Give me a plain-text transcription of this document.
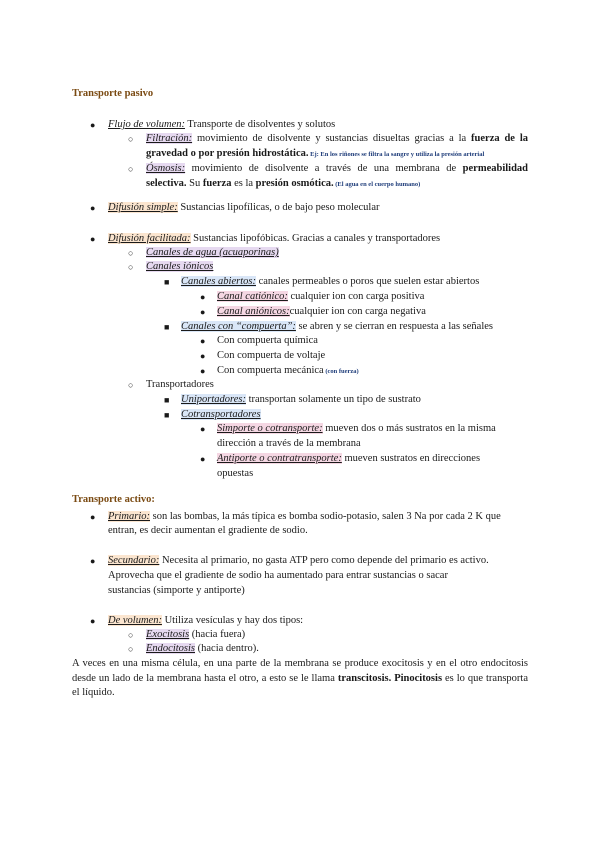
Transporte pasivo
● Flujo de volumen: Transporte de disolventes y solutos
○ Filtración: movimiento de disolvente y sustancias disueltas gracias a la fuerza de la gravedad o por presión hidrostática. Ej: En los riñones se filtra la sangre y utiliza la presión arterial
○ Ósmosis: movimiento de disolvente a través de una membrana de permeabilidad selectiva. Su fuerza es la presión osmótica. (El agua en el cuerpo humano)
● Difusión simple: Sustancias lipofílicas, o de bajo peso molecular
● Difusión facilitada: Sustancias lipofóbicas. Gracias a canales y transportadores
○ Canales de agua (acuaporinas)
○ Canales iónicos
■ Canales abiertos: canales permeables o poros que suelen estar abiertos
● Canal catiónico: cualquier ion con carga positiva
● Canal aniónicos:cualquier ion con carga negativa
■ Canales con “compuerta”: se abren y se cierran en respuesta a las señales
● Con compuerta química
● Con compuerta de voltaje
● Con compuerta mecánica (con fuerza)
○ Transportadores
■ Uniportadores: transportan solamente un tipo de sustrato
■ Cotransportadores
● Simporte o cotransporte: mueven dos o más sustratos en la misma
dirección a través de la membrana
● Antiporte o contratransporte: mueven sustratos en direcciones
opuestas
Transporte activo:
● Primario: son las bombas, la más típica es bomba sodio-potasio, salen 3 Na por cada 2 K que
entran, es decir aumentan el gradiente de sodio.
● Secundario: Necesita al primario, no gasta ATP pero como depende del primario es activo.
Aprovecha que el gradiente de sodio ha aumentado para entrar sustancias o sacar
sustancias (simporte y antiporte)
● De volumen: Utiliza vesículas y hay dos tipos:
○ Exocitosis (hacia fuera)
○ Endocitosis (hacia dentro).
A veces en una misma célula, en una parte de la membrana se produce exocitosis y en el otro endocitosis desde un lado de la membrana hasta el otro, a esto se le llama transcitosis. Pinocitosis es lo que transporta el líquido.
